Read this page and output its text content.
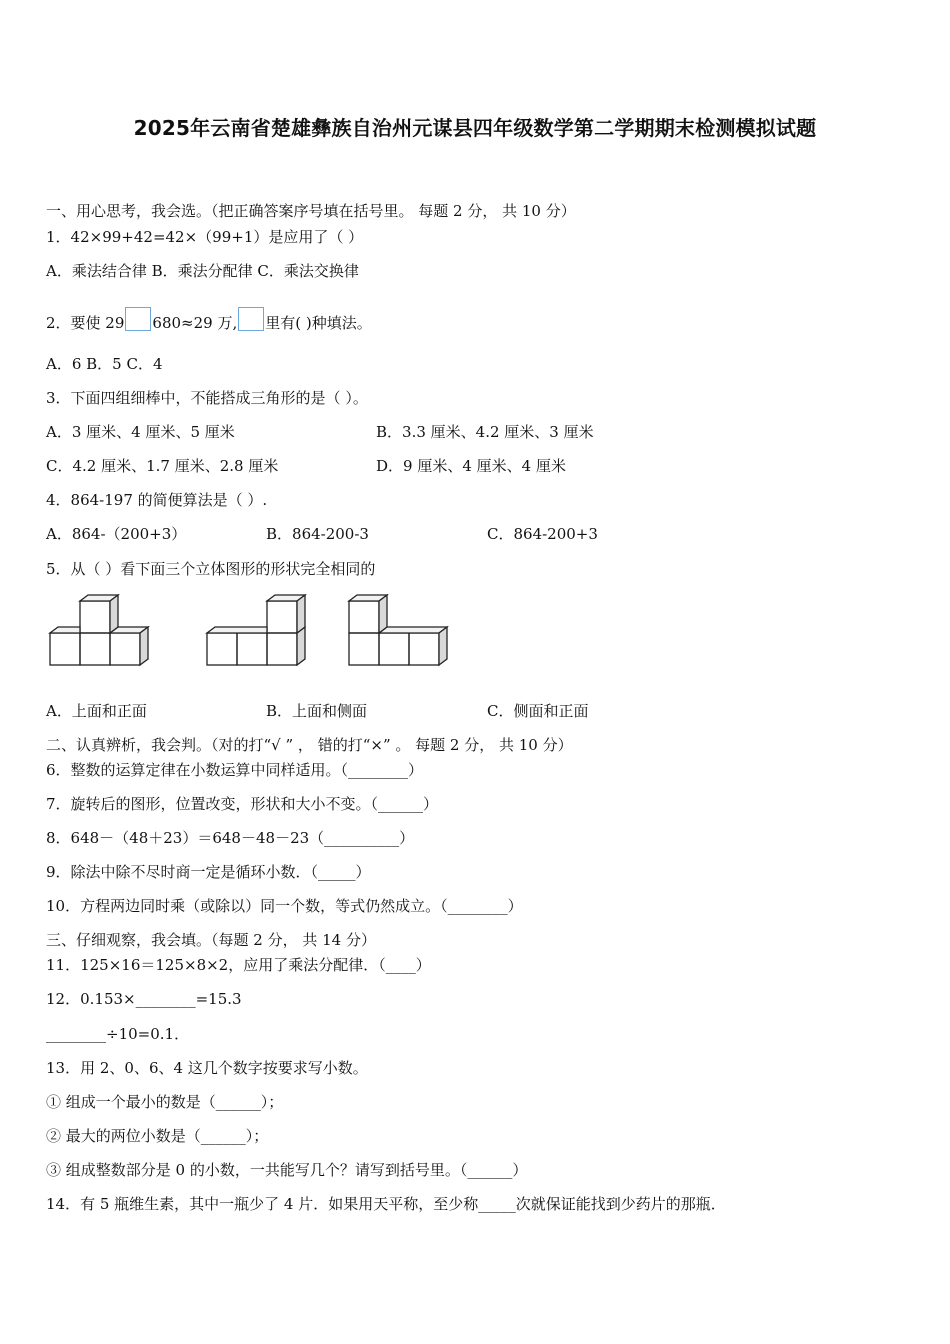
2025年云南省楚雄彝族自治州元谋县四年级数学第二学期期末检测模拟试题
一、用心思考，我会选。（把正确答案序号填在括号里。 每题 2 分， 共 10 分）
1．42×99+42=42×（99+1）是应用了（ ）
A．乘法结合律 B．乘法分配律 C．乘法交换律
2．要使 29 680≈29 万, 里有( )种填法。
A．6 B．5 C．4
3．下面四组细棒中，不能搭成三角形的是（ ）。
A．3 厘米、4 厘米、5 厘米	B．3.3 厘米、4.2 厘米、3 厘米
C．4.2 厘米、1.7 厘米、2.8 厘米	D．9 厘米、4 厘米、4 厘米
4．864-197 的简便算法是（ ）.
A．864-（200+3）	B．864-200-3	C．864-200+3
5．从（ ）看下面三个立体图形的形状完全相同的
A．上面和正面	B．上面和侧面	C．侧面和正面
二、认真辨析，我会判。（对的打“√ ” ， 错的打“×” 。 每题 2 分， 共 10 分）
6．整数的运算定律在小数运算中同样适用。（________）
7．旋转后的图形，位置改变，形状和大小不变。（______）
8．648－（48＋23）＝648－48－23（__________）
9．除法中除不尽时商一定是循环小数．（_____）
10．方程两边同时乘（或除以）同一个数，等式仍然成立。（________）
三、仔细观察，我会填。（每题 2 分， 共 14 分）
11．125×16＝125×8×2，应用了乘法分配律．（____）
12．0.153×________=15.3
________÷10=0.1．
13．用 2、0、6、4 这几个数字按要求写小数。
① 组成一个最小的数是（______）；
② 最大的两位小数是（______）；
③ 组成整数部分是 0 的小数，一共能写几个？请写到括号里。（______）
14．有 5 瓶维生素，其中一瓶少了 4 片．如果用天平称，至少称_____次就保证能找到少药片的那瓶．
